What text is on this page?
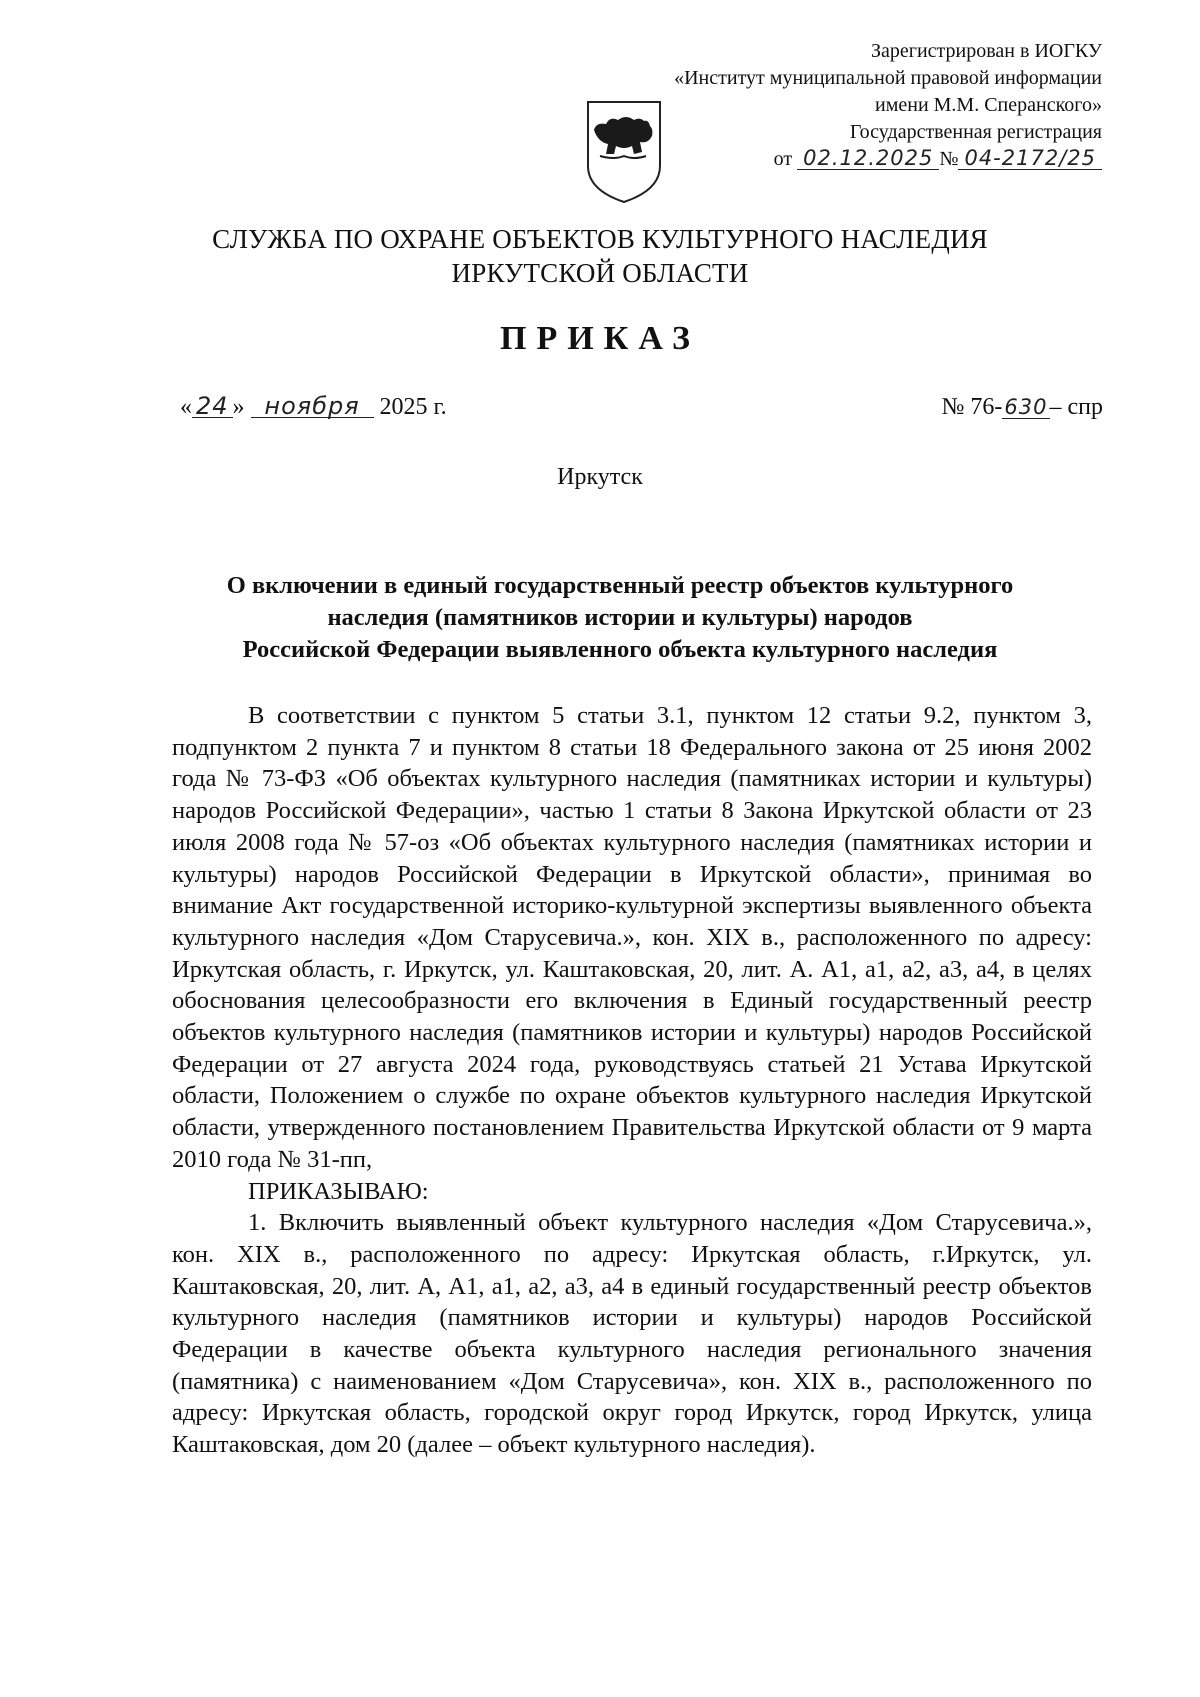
Зарегистрирован в ИОГКУ
«Институт муниципальной правовой информации
имени М.М. Сперанского»
Государственная регистрация
от 02.12.2025 № 04-2172/25
СЛУЖБА ПО ОХРАНЕ ОБЪЕКТОВ КУЛЬТУРНОГО НАСЛЕДИЯ
ИРКУТСКОЙ ОБЛАСТИ
ПРИКАЗ
« 24 » ноября 2025 г.	№ 76-630– спр
Иркутск
О включении в единый государственный реестр объектов культурного
наследия (памятников истории и культуры) народов
Российской Федерации выявленного объекта культурного наследия

В соответствии с пунктом 5 статьи 3.1, пунктом 12 статьи 9.2, пунктом 3, подпунктом 2 пункта 7 и пунктом 8 статьи 18 Федерального закона от 25 июня 2002 года № 73-ФЗ «Об объектах культурного наследия (памятниках истории и культуры) народов Российской Федерации», частью 1 статьи 8 Закона Иркутской области от 23 июля 2008 года № 57-оз «Об объектах культурного наследия (памятниках истории и культуры) народов Российской Федерации в Иркутской области», принимая во внимание Акт государственной историко-культурной экспертизы выявленного объекта культурного наследия «Дом Старусевича.», кон. XIX в., расположенного по адресу: Иркутская область, г. Иркутск, ул. Каштаковская, 20, лит. А. А1, а1, а2, а3, а4, в целях обоснования целесообразности его включения в Единый государственный реестр объектов культурного наследия (памятников истории и культуры) народов Российской Федерации от 27 августа 2024 года, руководствуясь статьей 21 Устава Иркутской области, Положением о службе по охране объектов культурного наследия Иркутской области, утвержденного постановлением Правительства Иркутской области от 9 марта 2010 года № 31-пп,

ПРИКАЗЫВАЮ:

1. Включить выявленный объект культурного наследия «Дом Старусевича.», кон. XIX в., расположенного по адресу: Иркутская область, г.Иркутск, ул. Каштаковская, 20, лит. А, А1, а1, а2, а3, а4 в единый государственный реестр объектов культурного наследия (памятников истории и культуры) народов Российской Федерации в качестве объекта культурного наследия регионального значения (памятника) с наименованием «Дом Старусевича», кон. XIX в., расположенного по адресу: Иркутская область, городской округ город Иркутск, город Иркутск, улица Каштаковская, дом 20 (далее – объект культурного наследия).
